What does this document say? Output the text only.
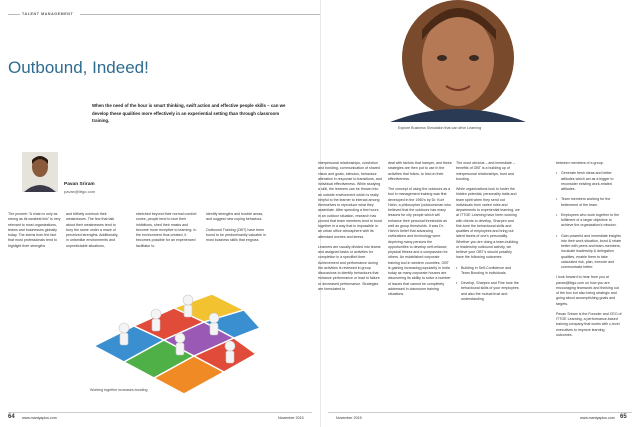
TALENT MANAGEMENT
Outbound, Indeed!
When the need of the hour is smart thinking, swift action and effective people skills – can we develop these qualities more effectively in an experiential setting than through classroom training.
Explore Business Simulation that can drive Learning
Pavan Sriram
pavan@lttgo.com

The proverb "A chain is only as strong as its weakest link" is very relevant to most organizations, teams and businesses globally today. The stems from the fact that most professionals tend to highlight their strengths

and blithely overlook their weaknesses. The few that talk about their weaknesses tend to bury the same under a maze of perceived strengths. Additionally, in unfamiliar environments and unpredictable situations,

stretched beyond their normal comfort zones, people tend to lose their inhibitions, shed their masks and become more receptive to learning. In the environment thus created, it becomes possible for an experienced facilitator to

identify strengths and trouble areas, and suggest new coping behaviour.

Outbound Training (OBT) have been found to be predominantly valuable in most business skills that engross

Working together increases bonding

interpersonal relationships, conviction and bonding, communication of shared vision and goals, stimulus, behaviour alteration in response to transitions, and individual effectiveness. While studying a skill, the learners can be thrown into an outside environment which is really helpful to the learner to interact among themselves to reproduce what they assimilate. After spending a few hours in an outdoor situation, research has proved that team members tend to bond together in a way that is impossible in an urban office atmosphere with its attendant worries and stress.

Learners are usually divided into teams and assigned tasks or activities for completion in a specified time. Achievement and performance during the activities is reviewed in group discussions to identify behaviours that enhance performance or lead to failure or decreased performance. Strategies are formulated to

deal with factors that hamper, and these strategies are then put to use in the activities that follow, to trial on their effectiveness.

The concept of using the outdoors as a tool in management training was first developed in the 1950's by Dr. Kurt Hahn, a philosopher (outdoorsman who believed that the outdoors has many lessons for city people which will enhance their personal thresholds as well as group thresholds. It was Dr. Hahn's belief that advancing civilizations and technology were depriving many persons the opportunities to develop self-reliance, physical fitness and a compassion for others. An established corporate training tool in western countries, OBT is gaining increasing popularity in India today as many corporate houses are discovering its ability to solve a number of issues that cannot be completely addressed in classroom training situations.

The most obvious – and immediate – benefits of OBT is a building up of interpersonal relationships, trust and bonding.

While organizations look to foster the hidden potential, personality traits and team spirit when they send out individuals from varied roles and departments to experiential learning, we at ITTGE Learning have been working with clients to develop, Sharpen and fine-tune the behavioural skills and qualities of employees and bring out latent facets of one's personality. Whether you are doing a team-building or leadership outbound activity, we believe your OBT's should possibly have the following outcomes:

• Building in Self-Confidence and Team Bonding in individuals.
• Develop, Sharpen and Fine tune the behavioural skills of your employees and also the mutual trust and understanding

between members of a group.

• Generate fresh ideas and better attitudes which act as a trigger to reconsider existing work-related attitudes.
• Team members working for the betterment of the team.
• Employees who work together to the fulfilment of a larger objective to achieve the organization's mission.
• Gain powerful and immediate insights into their work situation, bond & relate better with peers and team-members, inculcate leadership & delegation qualities, enable them to take calculated risk, plan, execute and communicate better.

I look forward to hear from you at pavan@lttgo.com on how you are encouraging teamwork and thinking out of the box but also being strategic and going about accomplishing goals and targets.

Pavan Sriram is the Founder and CEO of ITTGE Learning, a performance-based training company that works with c-level executives to improve learning outcomes.

64 www.mantyaplus.com	November 2015	November 2015	www.mantyaplus.com 65
